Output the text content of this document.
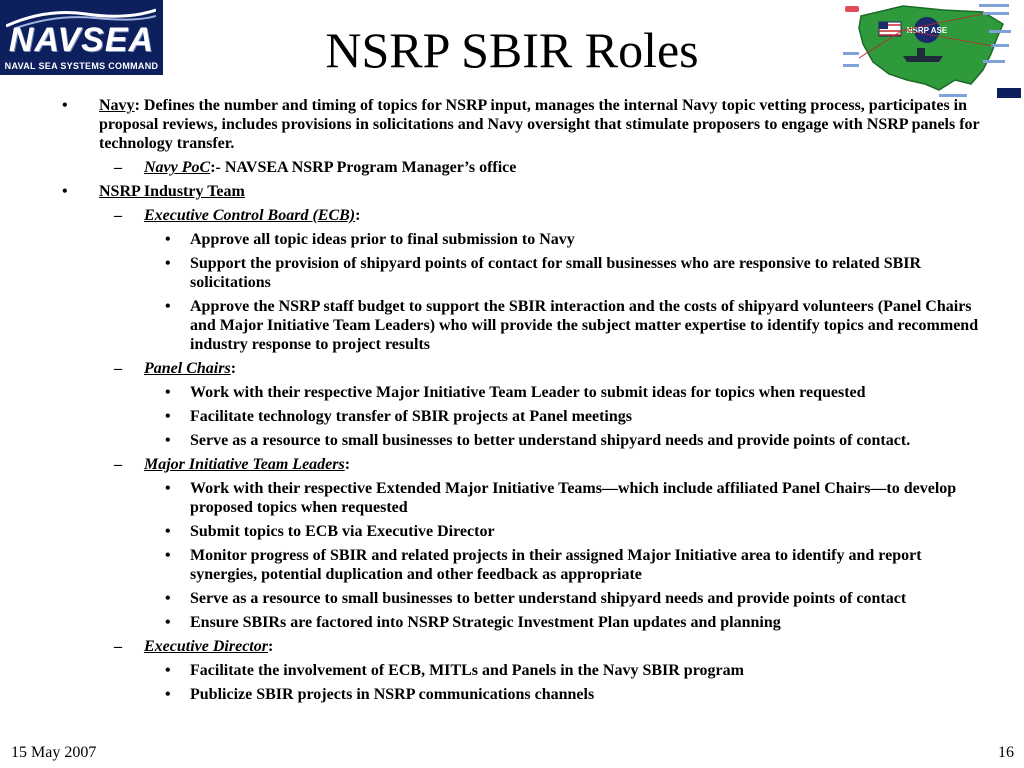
NAVSEA
NAVAL SEA SYSTEMS COMMAND	NSRP SBIR Roles	NSRP ASE
• Navy: Defines the number and timing of topics for NSRP input, manages the internal Navy topic vetting process, participates in proposal reviews, includes provisions in solicitations and Navy oversight that stimulate proposers to engage with NSRP panels for technology transfer.
– Navy PoC:- NAVSEA NSRP Program Manager’s office
• NSRP Industry Team
– Executive Control Board (ECB):
• Approve all topic ideas prior to final submission to Navy
• Support the provision of shipyard points of contact for small businesses who are responsive to related SBIR solicitations
• Approve the NSRP staff budget to support the SBIR interaction and the costs of shipyard volunteers (Panel Chairs and Major Initiative Team Leaders) who will provide the subject matter expertise to identify topics and recommend industry response to project results
– Panel Chairs:
• Work with their respective Major Initiative Team Leader to submit ideas for topics when requested
• Facilitate technology transfer of SBIR projects at Panel meetings
• Serve as a resource to small businesses to better understand shipyard needs and provide points of contact.
– Major Initiative Team Leaders:
• Work with their respective Extended Major Initiative Teams—which include affiliated Panel Chairs—to develop proposed topics when requested
• Submit topics to ECB via Executive Director
• Monitor progress of SBIR and related projects in their assigned Major Initiative area to identify and report synergies, potential duplication and other feedback as appropriate
• Serve as a resource to small businesses to better understand shipyard needs and provide points of contact
• Ensure SBIRs are factored into NSRP Strategic Investment Plan updates and planning
– Executive Director:
• Facilitate the involvement of ECB, MITLs and Panels in the Navy SBIR program
• Publicize SBIR projects in NSRP communications channels
15 May 2007	16
